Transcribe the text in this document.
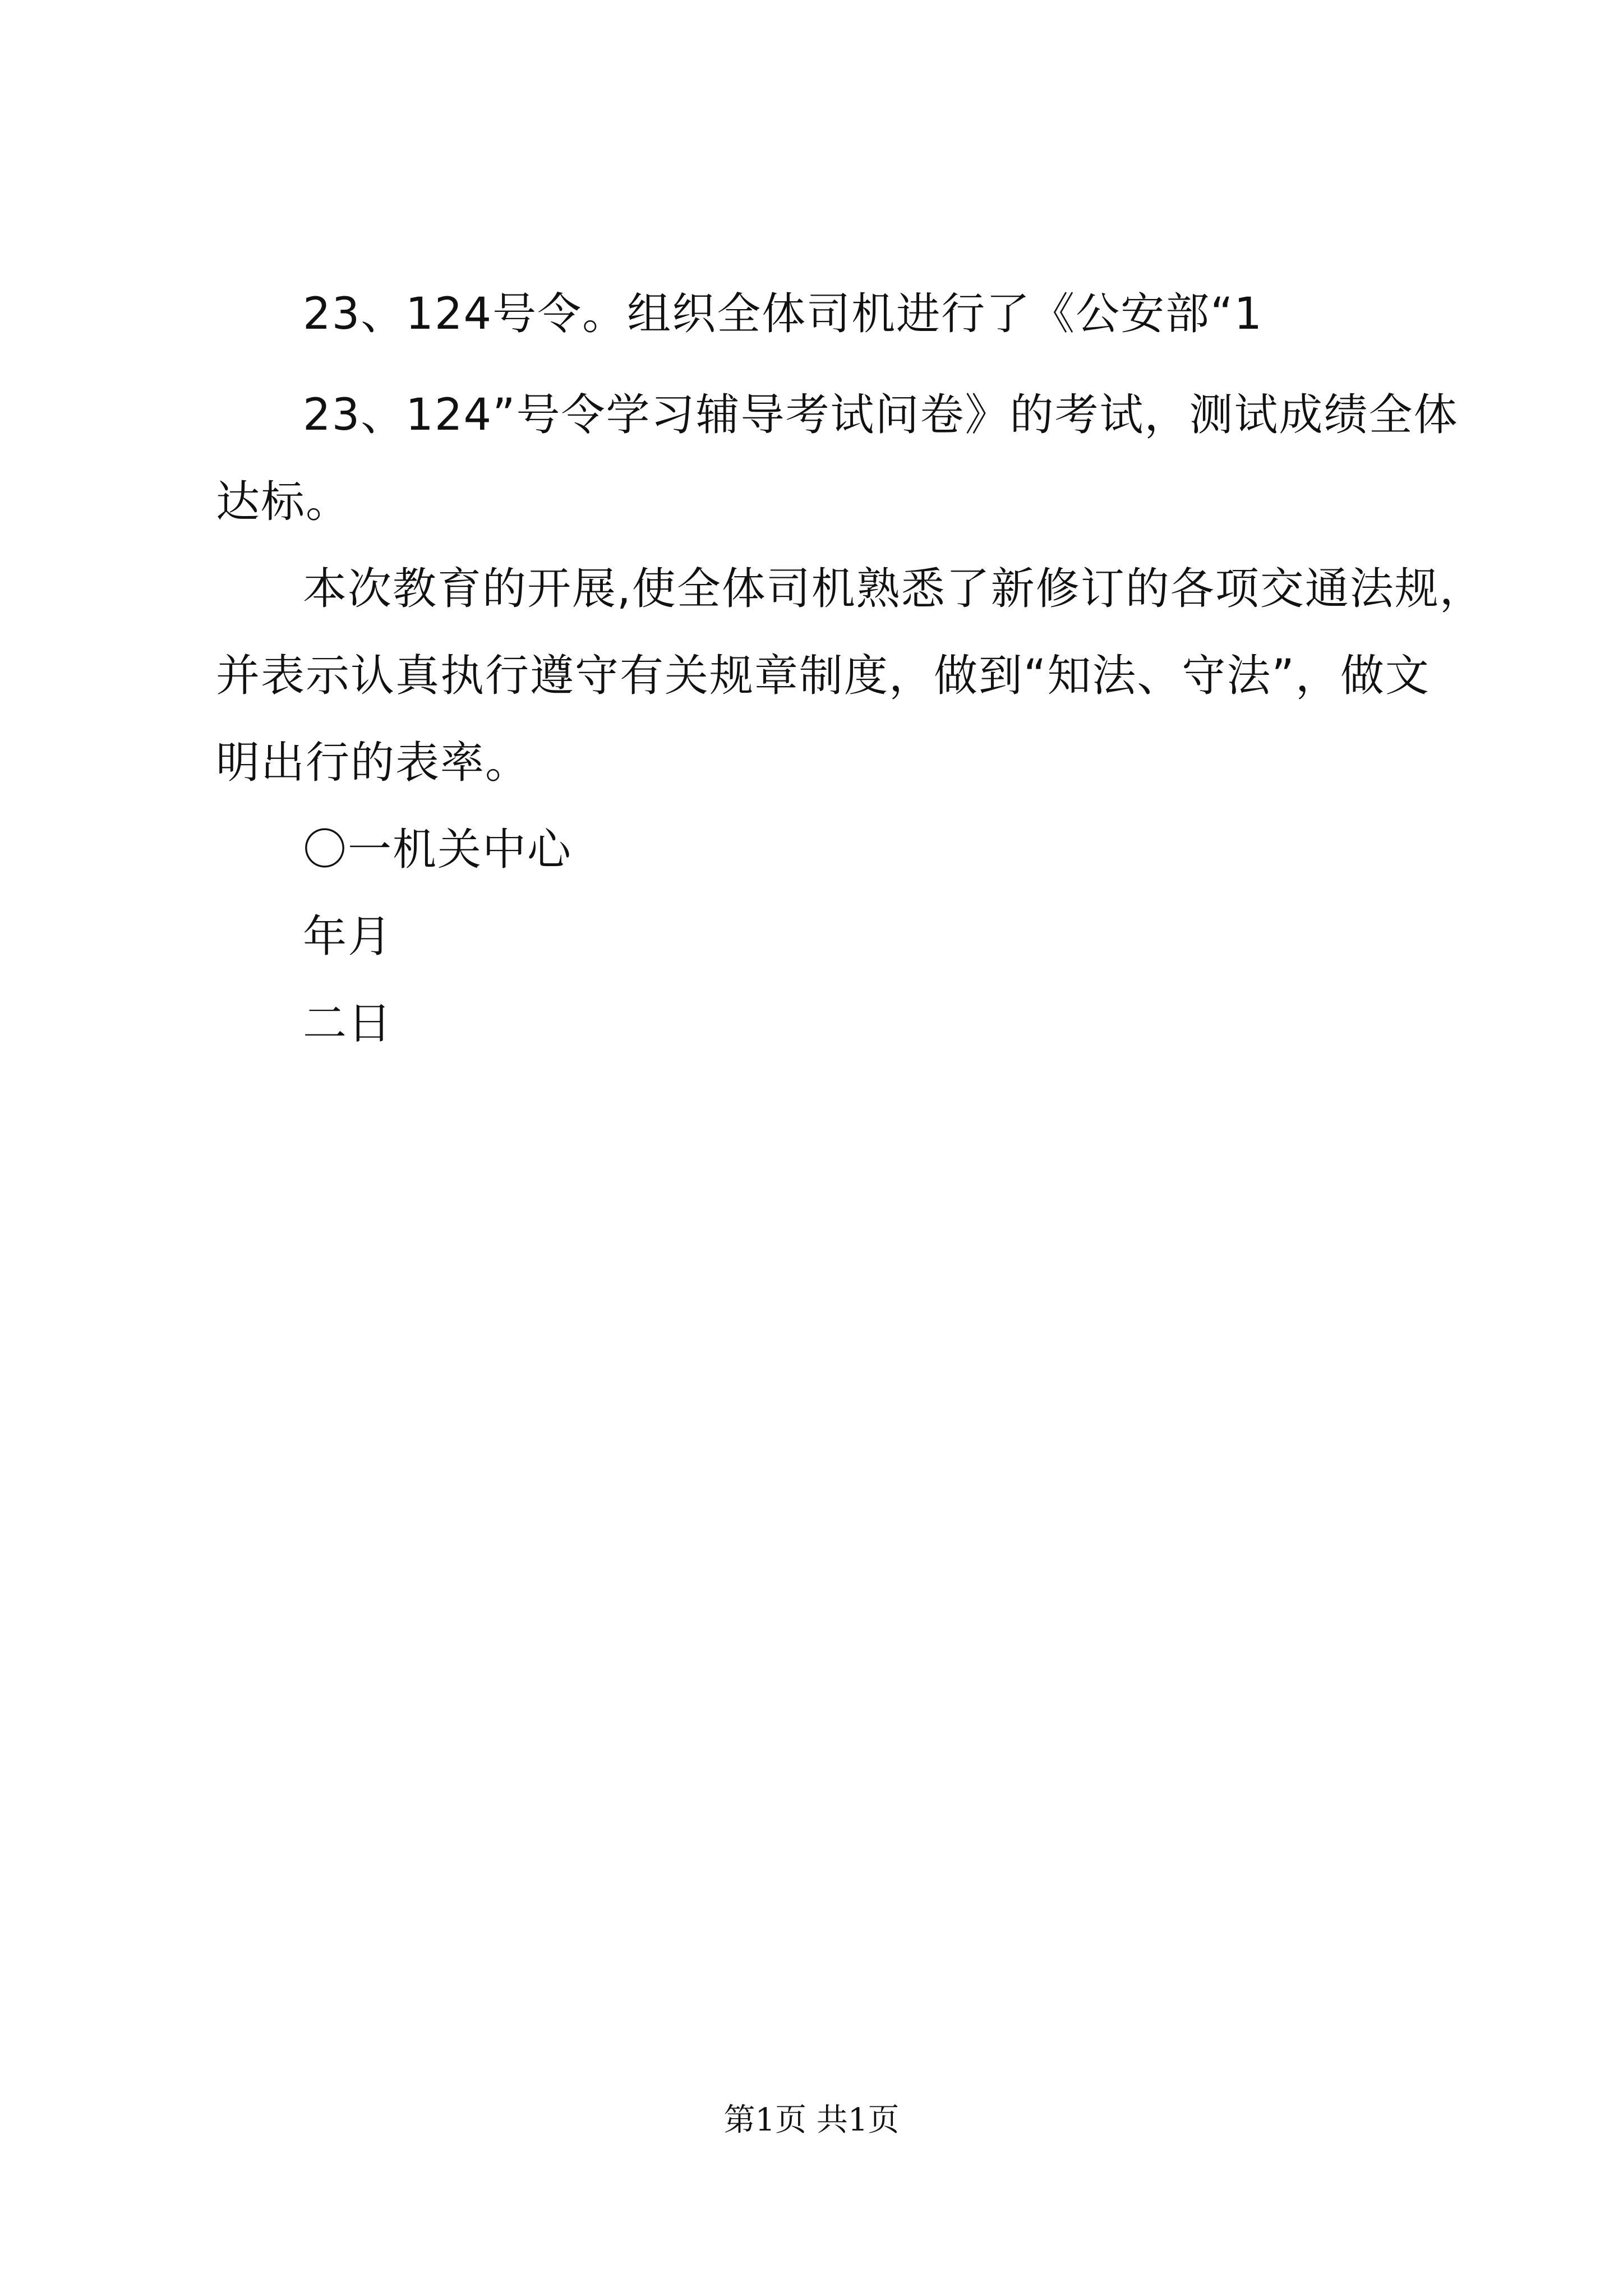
23、124号令。组织全体司机进行了《公安部“1
23、124”号令学习辅导考试问卷》的考试，测试成绩全体
达标。
本次教育的开展,使全体司机熟悉了新修订的各项交通法规，
并表示认真执行遵守有关规章制度，做到“知法、守法”，做文
明出行的表率。
〇一机关中心
年月
二日
第1页 共1页
